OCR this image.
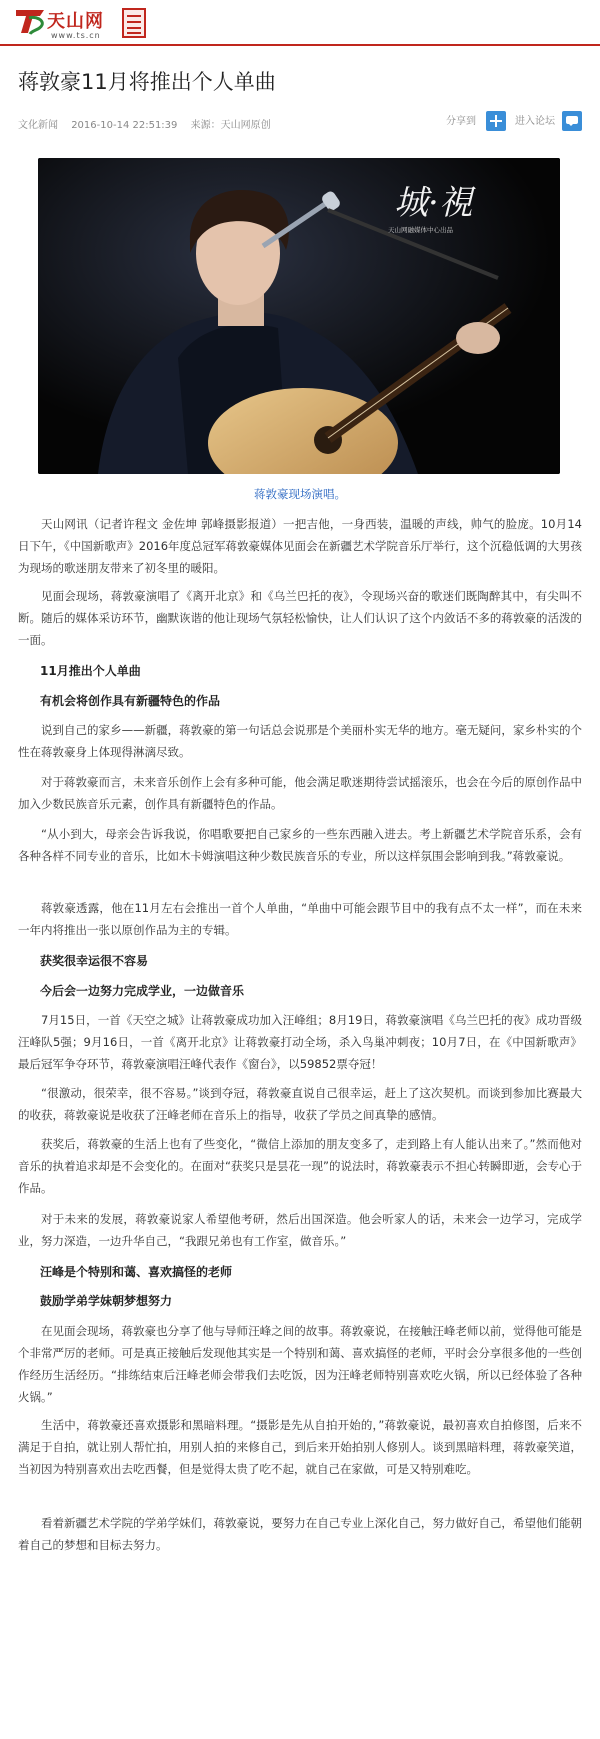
天山网
www.ts.cn
蒋敦豪11月将推出个人单曲
文化新闻 2016-10-14 22:51:39 来源：天山网原创	分享到	进入论坛
城·視
天山网融媒体中心出品
蒋敦豪现场演唱。

天山网讯（记者许程文 金佐坤 郭峰摄影报道）一把吉他，一身西装，温暖的声线，帅气的脸庞。10月14日下午，《中国新歌声》2016年度总冠军蒋敦豪媒体见面会在新疆艺术学院音乐厅举行，这个沉稳低调的大男孩为现场的歌迷朋友带来了初冬里的暖阳。

见面会现场，蒋敦豪演唱了《离开北京》和《乌兰巴托的夜》，令现场兴奋的歌迷们既陶醉其中，有尖叫不断。随后的媒体采访环节，幽默诙谐的他让现场气氛轻松愉快，让人们认识了这个内敛话不多的蒋敦豪的活泼的一面。

11月推出个人单曲
有机会将创作具有新疆特色的作品

说到自己的家乡——新疆，蒋敦豪的第一句话总会说那是个美丽朴实无华的地方。毫无疑问，家乡朴实的个性在蒋敦豪身上体现得淋漓尽致。

对于蒋敦豪而言，未来音乐创作上会有多种可能，他会满足歌迷期待尝试摇滚乐，也会在今后的原创作品中加入少数民族音乐元素，创作具有新疆特色的作品。

“从小到大，母亲会告诉我说，你唱歌要把自己家乡的一些东西融入进去。考上新疆艺术学院音乐系，会有各种各样不同专业的音乐，比如木卡姆演唱这种少数民族音乐的专业，所以这样氛围会影响到我。”蒋敦豪说。

蒋敦豪透露，他在11月左右会推出一首个人单曲，“单曲中可能会跟节目中的我有点不太一样”，而在未来一年内将推出一张以原创作品为主的专辑。

获奖很幸运很不容易
今后会一边努力完成学业，一边做音乐

7月15日，一首《天空之城》让蒋敦豪成功加入汪峰组；8月19日，蒋敦豪演唱《乌兰巴托的夜》成功晋级汪峰队5强；9月16日，一首《离开北京》让蒋敦豪打动全场，杀入鸟巢冲刺夜；10月7日，在《中国新歌声》最后冠军争夺环节，蒋敦豪演唱汪峰代表作《窗台》，以59852票夺冠！

“很激动，很荣幸，很不容易。”谈到夺冠，蒋敦豪直说自己很幸运，赶上了这次契机。而谈到参加比赛最大的收获，蒋敦豪说是收获了汪峰老师在音乐上的指导，收获了学员之间真挚的感情。

获奖后，蒋敦豪的生活上也有了些变化，“微信上添加的朋友变多了，走到路上有人能认出来了。”然而他对音乐的执着追求却是不会变化的。在面对“获奖只是昙花一现”的说法时，蒋敦豪表示不担心转瞬即逝，会专心于作品。

对于未来的发展，蒋敦豪说家人希望他考研，然后出国深造。他会听家人的话，未来会一边学习，完成学业，努力深造，一边升华自己，“我跟兄弟也有工作室，做音乐。”

汪峰是个特别和蔼、喜欢搞怪的老师
鼓励学弟学妹朝梦想努力

在见面会现场，蒋敦豪也分享了他与导师汪峰之间的故事。蒋敦豪说，在接触汪峰老师以前，觉得他可能是个非常严厉的老师。可是真正接触后发现他其实是一个特别和蔼、喜欢搞怪的老师，平时会分享很多他的一些创作经历生活经历。“排练结束后汪峰老师会带我们去吃饭，因为汪峰老师特别喜欢吃火锅，所以已经体验了各种火锅。”

生活中，蒋敦豪还喜欢摄影和黑暗料理。“摄影是先从自拍开始的，”蒋敦豪说，最初喜欢自拍修图，后来不满足于自拍，就让别人帮忙拍，用别人拍的来修自己，到后来开始拍别人修别人。谈到黑暗料理，蒋敦豪笑道，当初因为特别喜欢出去吃西餐，但是觉得太贵了吃不起，就自己在家做，可是又特别难吃。

看着新疆艺术学院的学弟学妹们，蒋敦豪说，要努力在自己专业上深化自己，努力做好自己，希望他们能朝着自己的梦想和目标去努力。
